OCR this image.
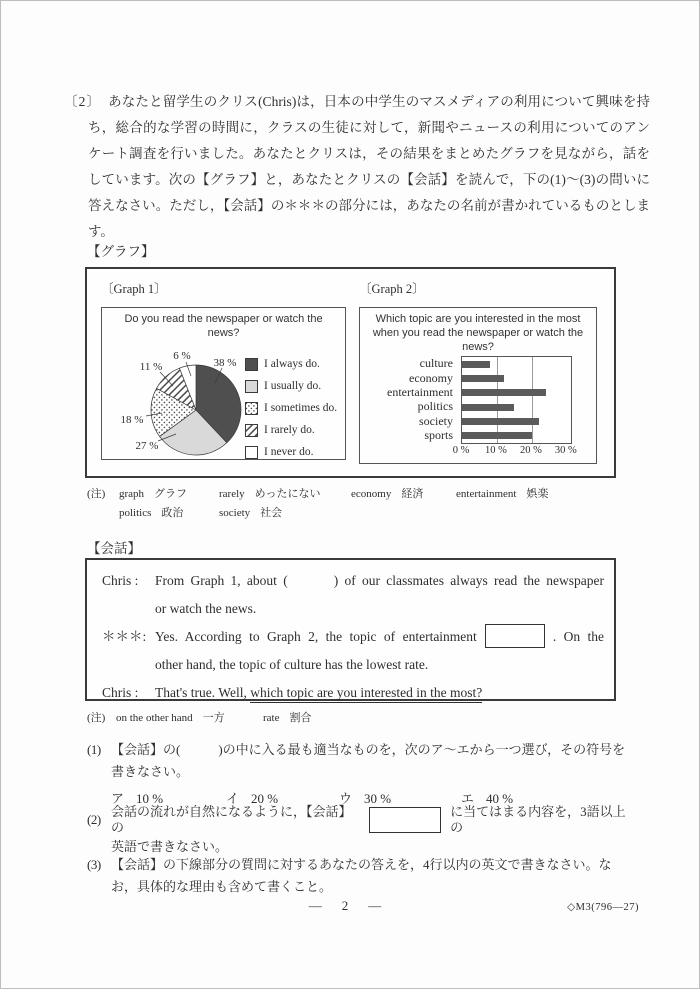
〔2〕　 あなたと留学生のクリス(Chris)は，日本の中学生のマスメディアの利用について興味を持ち，総合的な学習の時間に，クラスの生徒に対して，新聞やニュースの利用についてのアンケート調査を行いました。あなたとクリスは，その結果をまとめたグラフを見ながら，話をしています。次の【グラフ】と，あなたとクリスの【会話】を読んで，下の(1)～(3)の問いに答えなさい。ただし，【会話】の＊＊＊の部分には，あなたの名前が書かれているものとします。
【グラフ】
〔Graph 1〕
Do you read the newspaper or watch the news?
38 %
27 %
18 %
11 %
6 %
I always do.
I usually do.
I sometimes do.
I rarely do.
I never do.
〔Graph 2〕
Which topic are you interested in the most when you read the newspaper or watch the news?
culture
economy
entertainment
politics
society
sports
0 % 10 % 20 % 30 %
(注) graph グラフ	rarely めったにない	economy 経済	entertainment 娯楽
politics 政治	society 社会
【会話】
Chris :	From Graph 1, about (	) of our classmates always read the newspaper
or watch the news.
＊＊＊: Yes. According to Graph 2, the topic of entertainment	. On the
other hand, the topic of culture has the lowest rate.
Chris :	That's true. Well, which topic are you interested in the most?
(注) on the other hand 一方	rate 割合
(1) 【会話】の(	)の中に入る最も適当なものを，次のア～エから一つ選び，その符号を
書きなさい。
ア 10 %	イ 20 %	ウ 30 %	エ 40 %
(2)
会話の流れが自然になるように，【会話】の
に当てはまる内容を，3語以上の
英語で書きなさい。
(3) 【会話】の下線部分の質問に対するあなたの答えを，4行以内の英文で書きなさい。な
お，具体的な理由も含めて書くこと。
— 2 —	◇M3(796—27)
